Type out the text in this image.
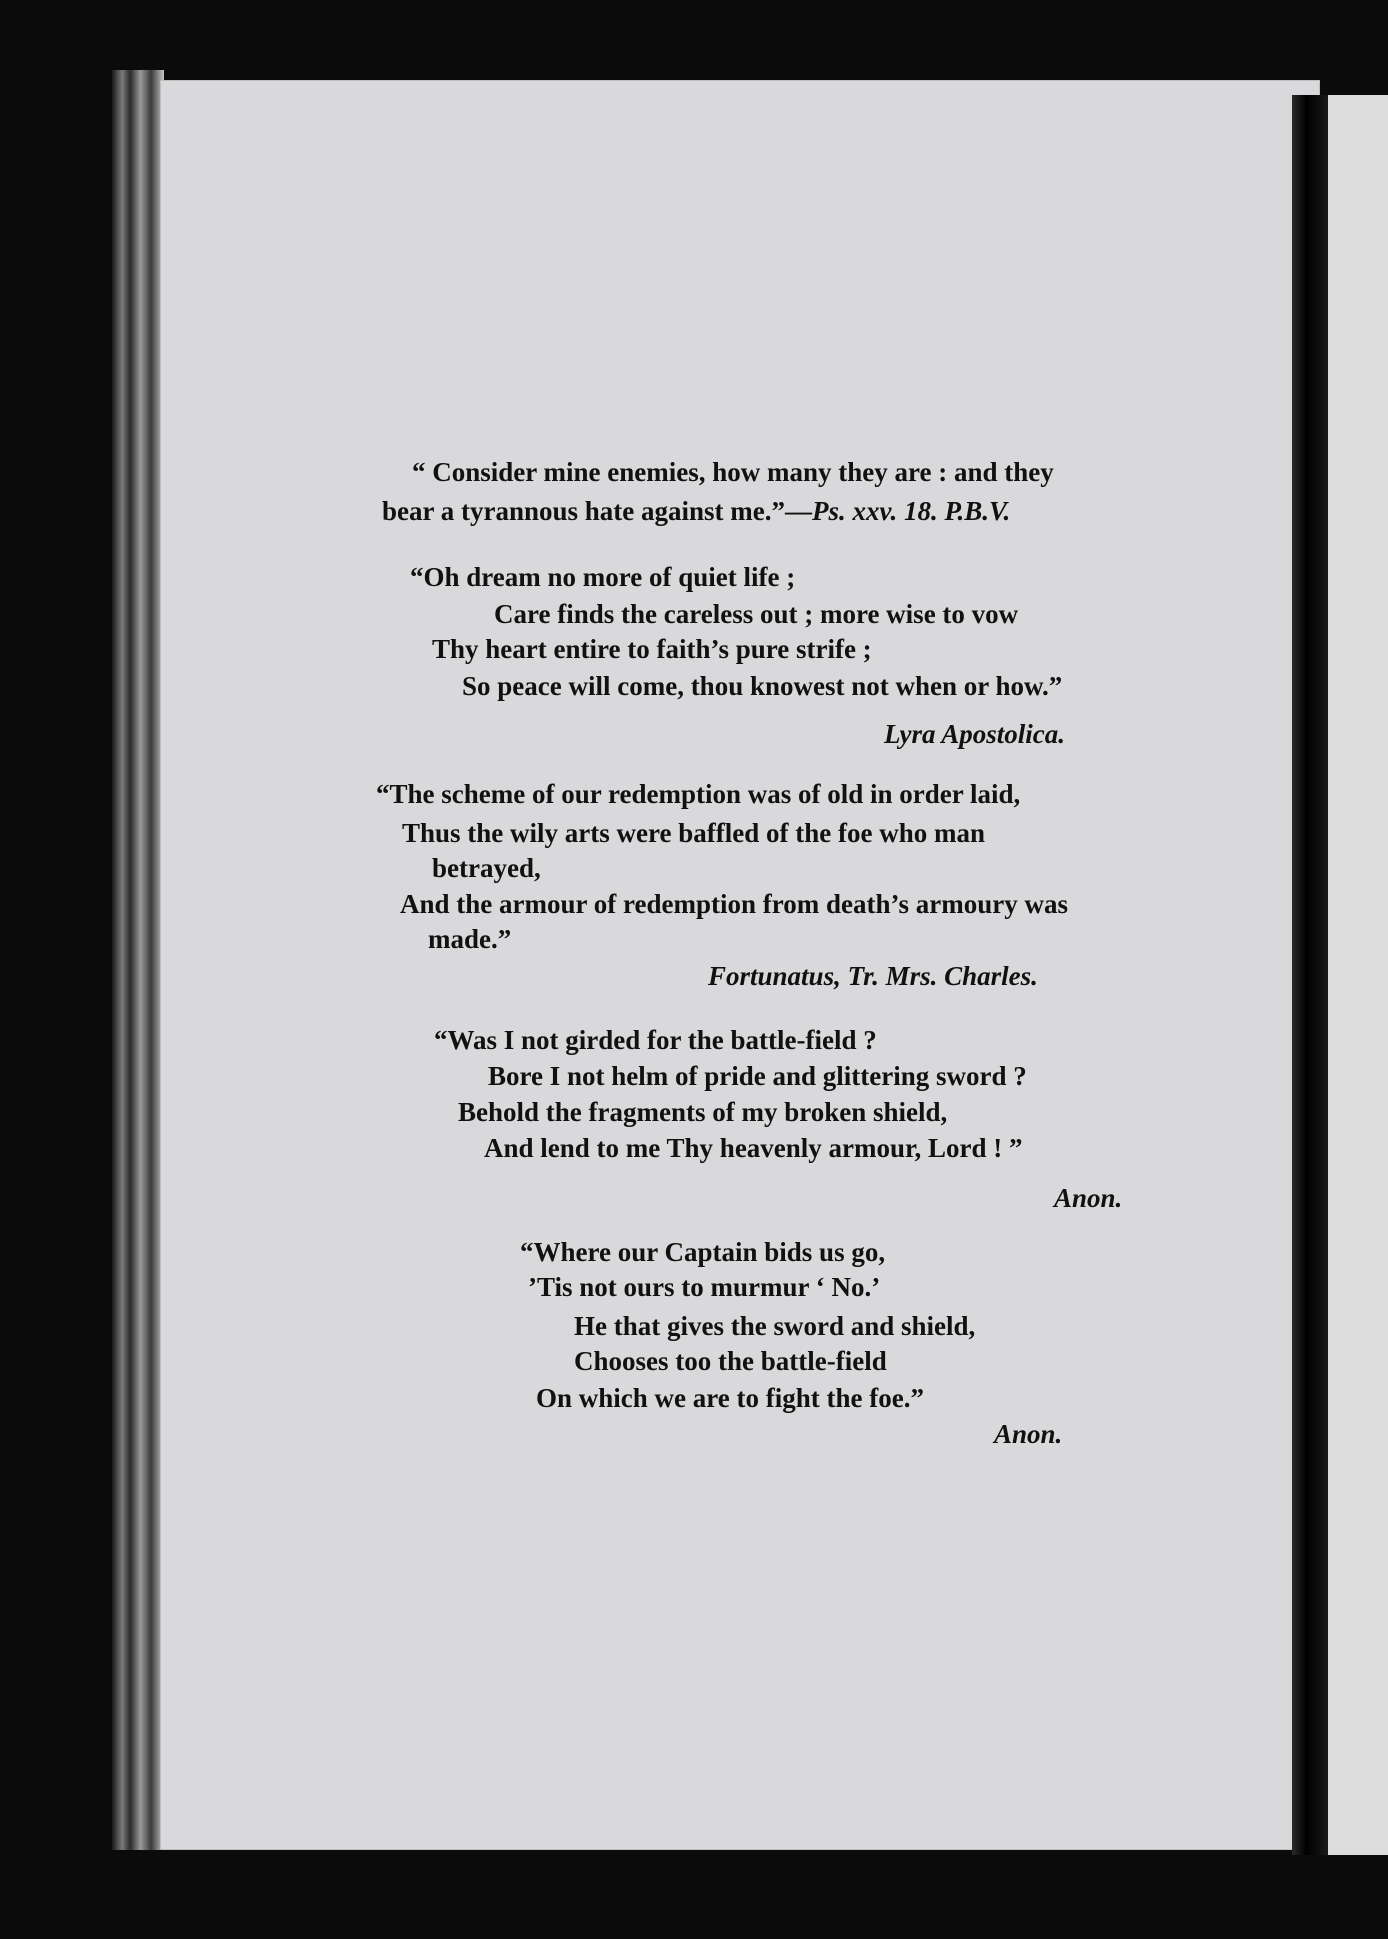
“ Consider mine enemies, how many they are : and they
bear a tyrannous hate against me.”—Ps. xxv. 18. P.B.V.
“Oh dream no more of quiet life ;
Care finds the careless out ; more wise to vow
Thy heart entire to faith’s pure strife ;
So peace will come, thou knowest not when or how.”
Lyra Apostolica.
“The scheme of our redemption was of old in order laid,
Thus the wily arts were baffled of the foe who man
betrayed,
And the armour of redemption from death’s armoury was
made.”
Fortunatus, Tr. Mrs. Charles.
“Was I not girded for the battle-field ?
Bore I not helm of pride and glittering sword ?
Behold the fragments of my broken shield,
And lend to me Thy heavenly armour, Lord ! ”
Anon.
“Where our Captain bids us go,
’Tis not ours to murmur ‘ No.’
He that gives the sword and shield,
Chooses too the battle-field
On which we are to fight the foe.”
Anon.
